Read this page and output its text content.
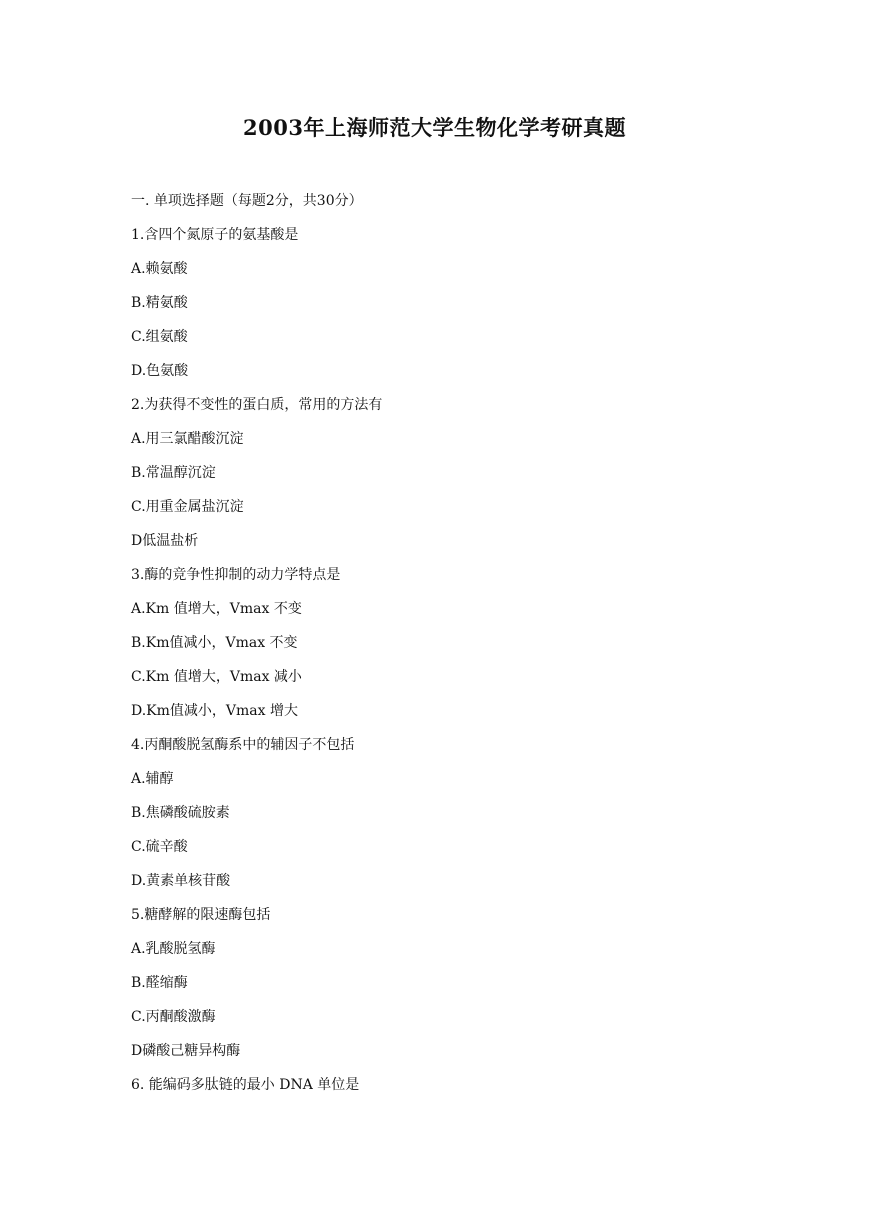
2003年上海师范大学生物化学考研真题
一. 单项选择题（每题2分，共30分）
1.含四个氮原子的氨基酸是
A.赖氨酸
B.精氨酸
C.组氨酸
D.色氨酸
2.为获得不变性的蛋白质，常用的方法有
A.用三氯醋酸沉淀
B.常温醇沉淀
C.用重金属盐沉淀
D低温盐析
3.酶的竞争性抑制的动力学特点是
A.Km 值增大，Vmax 不变
B.Km值减小，Vmax 不变
C.Km 值增大，Vmax 减小
D.Km值减小，Vmax 增大
4.丙酮酸脱氢酶系中的辅因子不包括
A.辅醇
B.焦磷酸硫胺素
C.硫辛酸
D.黄素单核苷酸
5.糖酵解的限速酶包括
A.乳酸脱氢酶
B.醛缩酶
C.丙酮酸激酶
D磷酸己糖异构酶
6. 能编码多肽链的最小 DNA 单位是
